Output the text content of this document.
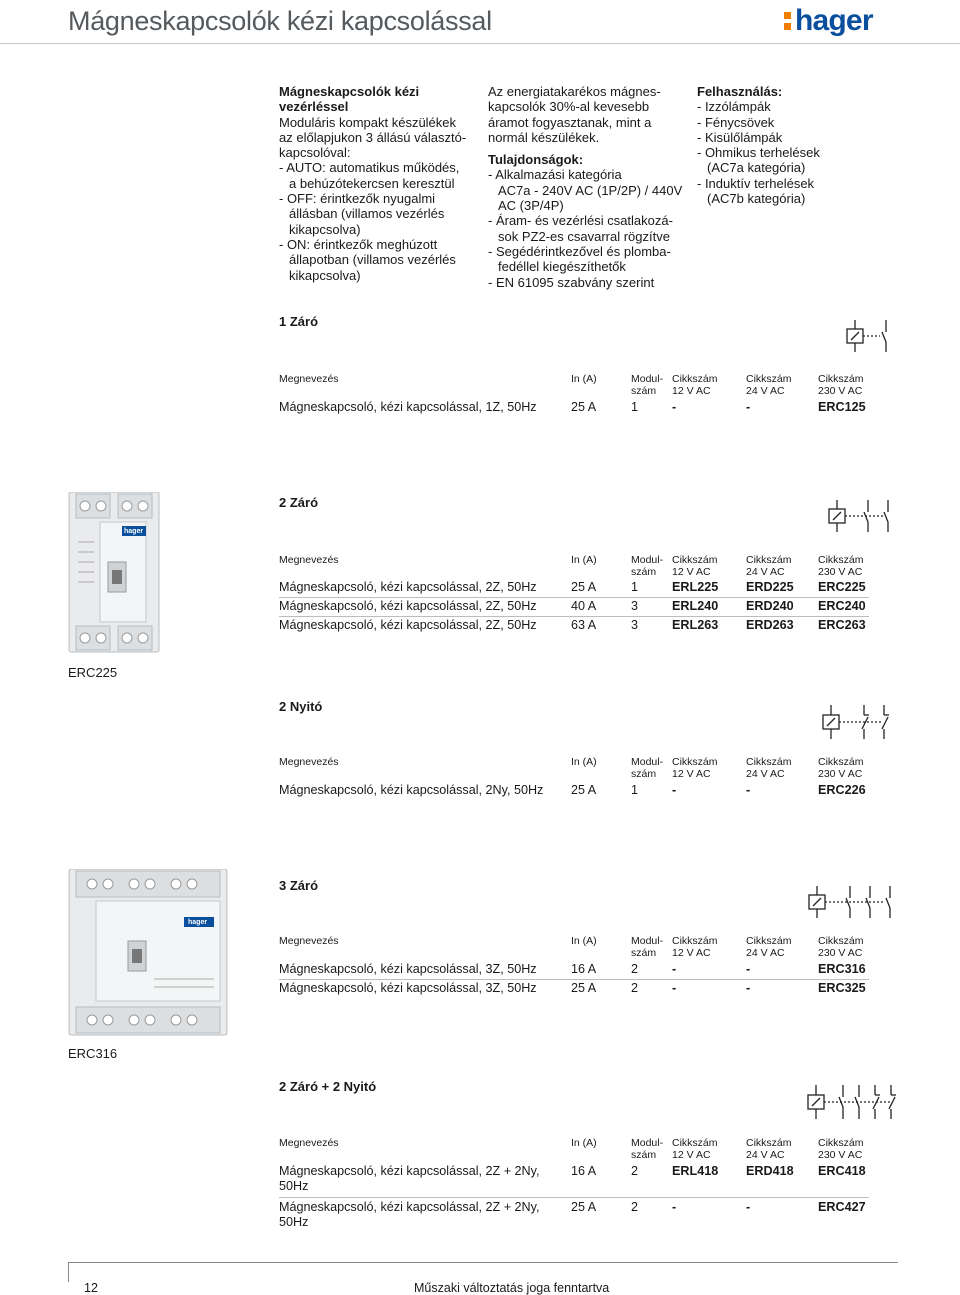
Mágneskapcsolók kézi kapcsolással	hager

Mágneskapcsolók kézi

vezérléssel

Moduláris kompakt készülékek

az előlapjukon 3 állású választó-

kapcsolóval:

- AUTO: automatikus működés,

a behúzótekercsen keresztül

- OFF: érintkezők nyugalmi

állásban (villamos vezérlés

kikapcsolva)

- ON: érintkezők meghúzott

állapotban (villamos vezérlés

kikapcsolva)

Az energiatakarékos mágnes-

kapcsolók 30%-al kevesebb

áramot fogyasztanak, mint a

normál készülékek.

Tulajdonságok:

- Alkalmazási kategória

AC7a - 240V AC (1P/2P) / 440V

AC (3P/4P)

- Áram- és vezérlési csatlakozá-

sok PZ2-es csavarral rögzítve

- Segédérintkezővel és plomba-

fedéllel kiegészíthetők

- EN 61095 szabvány szerint

Felhasználás:

- Izzólámpák

- Fénycsövek

- Kisülőlámpák

- Ohmikus terhelések

(AC7a kategória)

- Induktív terhelések

(AC7b kategória)

1 Záró
Megnevezés	In (A)	Modul-
szám
Cikkszám
12 V AC
Cikkszám
24 V AC
Cikkszám
230 V AC
Mágneskapcsoló, kézi kapcsolással, 1Z, 50Hz	25 A	1	-	-	ERC125
hager
ERC225
2 Záró
Megnevezés	In (A)	Modul-
szám
Cikkszám
12 V AC
Cikkszám
24 V AC
Cikkszám
230 V AC
Mágneskapcsoló, kézi kapcsolással, 2Z, 50Hz	25 A	1	ERL225 ERD225 ERC225
Mágneskapcsoló, kézi kapcsolással, 2Z, 50Hz	40 A	3	ERL240 ERD240 ERC240
Mágneskapcsoló, kézi kapcsolással, 2Z, 50Hz	63 A	3	ERL263 ERD263 ERC263
2 Nyitó
Megnevezés	In (A)	Modul-
szám
Cikkszám
12 V AC
Cikkszám
24 V AC
Cikkszám
230 V AC
Mágneskapcsoló, kézi kapcsolással, 2Ny, 50Hz 25 A	1	-	-	ERC226
hager
ERC316
3 Záró
Megnevezés	In (A)	Modul-
szám
Cikkszám
12 V AC
Cikkszám
24 V AC
Cikkszám
230 V AC
Mágneskapcsoló, kézi kapcsolással, 3Z, 50Hz	16 A	2	-	-	ERC316
Mágneskapcsoló, kézi kapcsolással, 3Z, 50Hz	25 A	2	-	-	ERC325
2 Záró + 2 Nyitó
Megnevezés	In (A)	Modul-
szám
Cikkszám
12 V AC
Cikkszám
24 V AC
Cikkszám
230 V AC
Mágneskapcsoló, kézi kapcsolással, 2Z + 2Ny,
50Hz
16 A	2	ERL418 ERD418 ERC418
Mágneskapcsoló, kézi kapcsolással, 2Z + 2Ny,
50Hz
25 A	2	-	-	ERC427
12	Műszaki változtatás joga fenntartva
